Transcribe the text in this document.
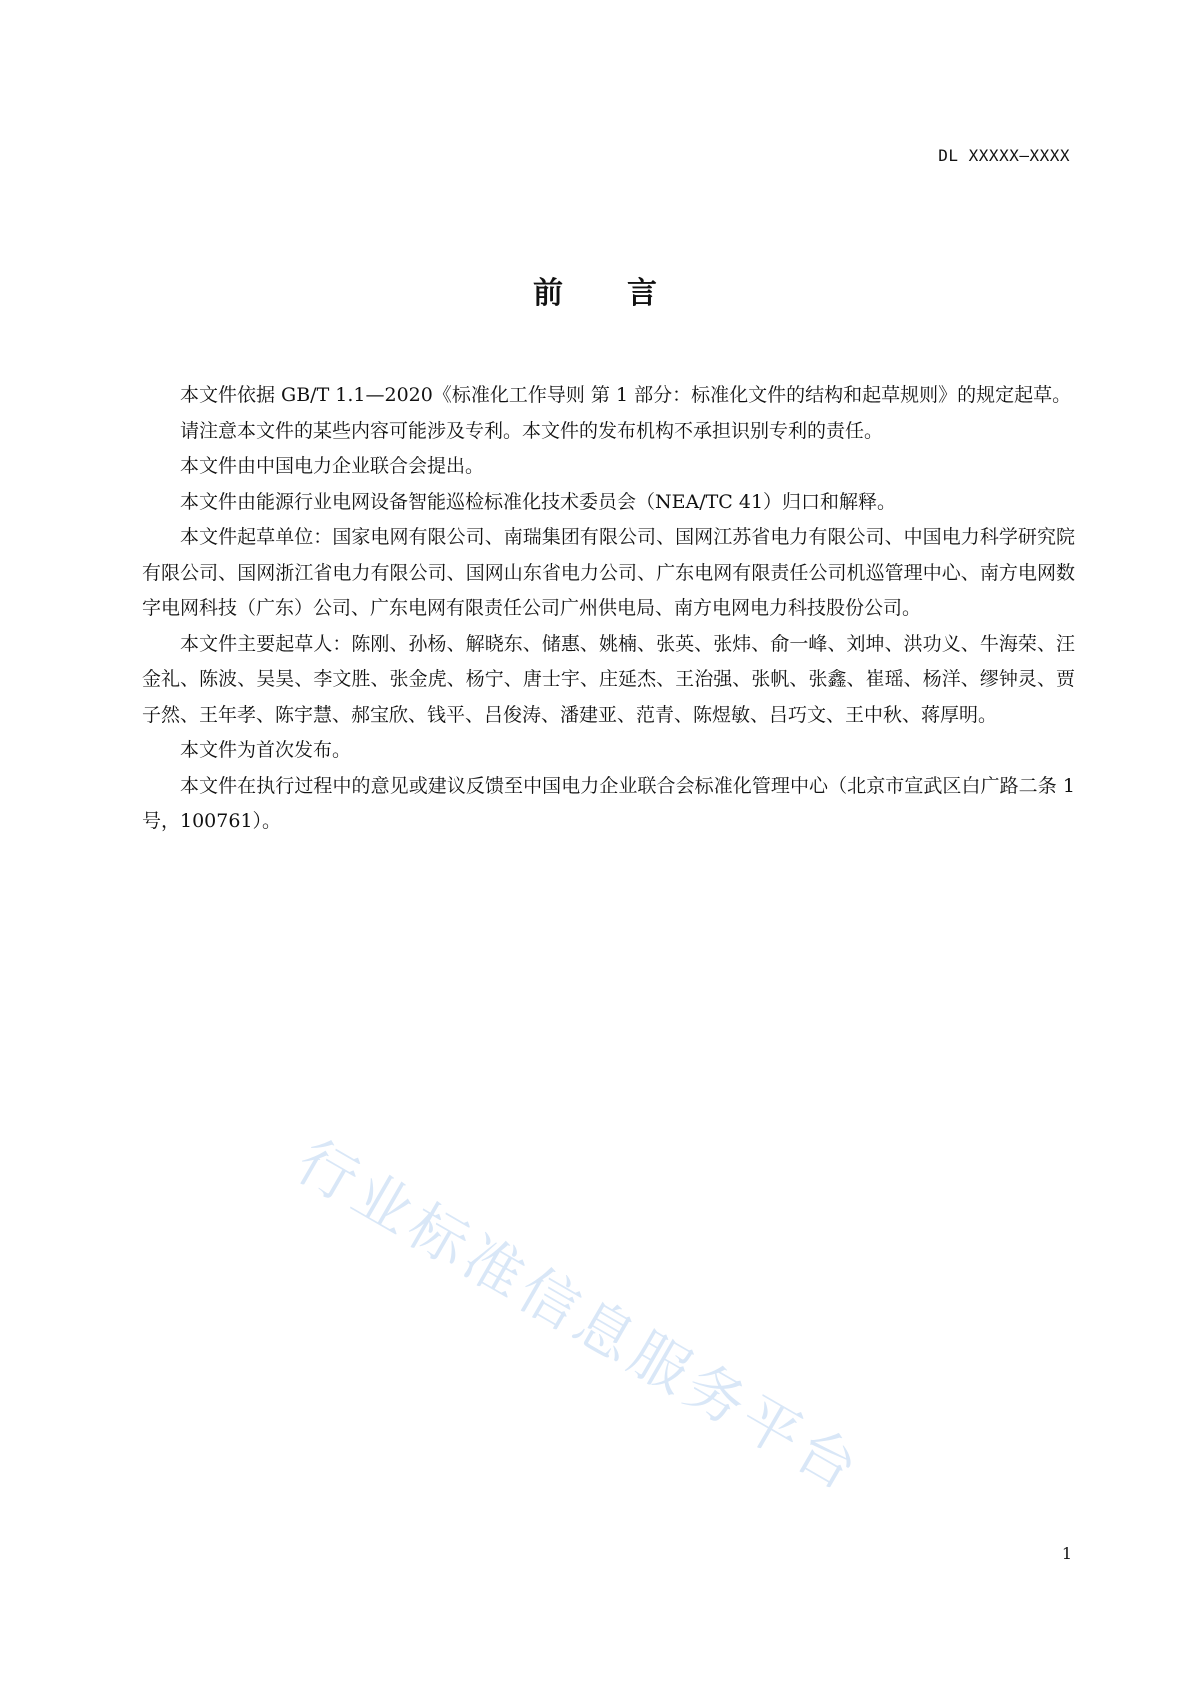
DL XXXXX—XXXX
前言

本文件依据 GB/T 1.1—2020《标准化工作导则 第 1 部分：标准化文件的结构和起草规则》的规定起草。

请注意本文件的某些内容可能涉及专利。本文件的发布机构不承担识别专利的责任。

本文件由中国电力企业联合会提出。

本文件由能源行业电网设备智能巡检标准化技术委员会（NEA/TC 41）归口和解释。

本文件起草单位：国家电网有限公司、南瑞集团有限公司、国网江苏省电力有限公司、中国电力科学研究院有限公司、国网浙江省电力有限公司、国网山东省电力公司、广东电网有限责任公司机巡管理中心、南方电网数字电网科技（广东）公司、广东电网有限责任公司广州供电局、南方电网电力科技股份公司。

本文件主要起草人：陈刚、孙杨、解晓东、储惠、姚楠、张英、张炜、俞一峰、刘坤、洪功义、牛海荣、汪金礼、陈波、吴昊、李文胜、张金虎、杨宁、唐士宇、庄延杰、王治强、张帆、张鑫、崔瑶、杨洋、缪钟灵、贾子然、王年孝、陈宇慧、郝宝欣、钱平、吕俊涛、潘建亚、范青、陈煜敏、吕巧文、王中秋、蒋厚明。

本文件为首次发布。

本文件在执行过程中的意见或建议反馈至中国电力企业联合会标准化管理中心（北京市宣武区白广路二条 1 号，100761）。

行业标准信息服务平台
1
